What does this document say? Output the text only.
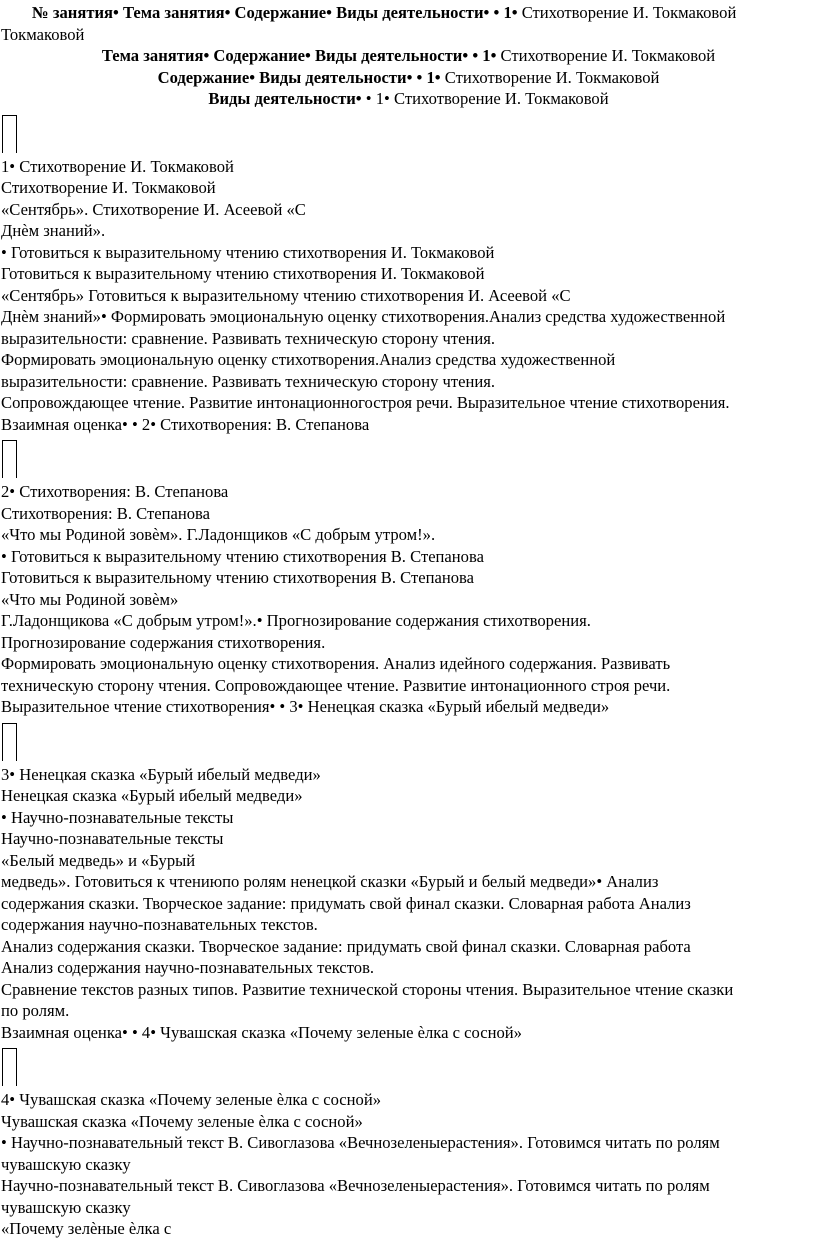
№ занятия• Тема занятия• Содержание• Виды деятельности• • 1• Стихотворение И. Токмаковой
Токмаковой
Тема занятия• Содержание• Виды деятельности• • 1• Стихотворение И. Токмаковой
Содержание• Виды деятельности• • 1• Стихотворение И. Токмаковой
Виды деятельности• • 1• Стихотворение И. Токмаковой
1• Стихотворение И. Токмаковой
Стихотворение И. Токмаковой
«Сентябрь». Стихотворение И. Асеевой «С
Днѐм знаний».
• Готовиться к выразительному чтению стихотворения И. Токмаковой
Готовиться к выразительному чтению стихотворения И. Токмаковой
«Сентябрь» Готовиться к выразительному чтению стихотворения И. Асеевой «С
Днѐм знаний»• Формировать эмоциональную оценку стихотворения.Анализ средства художественной
выразительности: сравнение. Развивать техническую сторону чтения.
Формировать эмоциональную оценку стихотворения.Анализ средства художественной
выразительности: сравнение. Развивать техническую сторону чтения.
Сопровождающее чтение. Развитие интонационногостроя речи. Выразительное чтение стихотворения.
Взаимная оценка• • 2• Стихотворения: В. Степанова
2• Стихотворения: В. Степанова
Стихотворения: В. Степанова
«Что мы Родиной зовѐм». Г.Ладонщиков «С добрым утром!».
• Готовиться к выразительному чтению стихотворения В. Степанова
Готовиться к выразительному чтению стихотворения В. Степанова
«Что мы Родиной зовѐм»
Г.Ладонщикова «С добрым утром!».• Прогнозирование содержания стихотворения.
Прогнозирование содержания стихотворения.
Формировать эмоциональную оценку стихотворения. Анализ идейного содержания. Развивать
техническую сторону чтения. Сопровождающее чтение. Развитие интонационного строя речи.
Выразительное чтение стихотворения• • 3• Ненецкая сказка «Бурый ибелый медведи»
3• Ненецкая сказка «Бурый ибелый медведи»
Ненецкая сказка «Бурый ибелый медведи»
• Научно-познавательные тексты
Научно-познавательные тексты
«Белый медведь» и «Бурый
медведь». Готовиться к чтениюпо ролям ненецкой сказки «Бурый и белый медведи»• Анализ
содержания сказки. Творческое задание: придумать свой финал сказки. Словарная работа Анализ
содержания научно-познавательных текстов.
Анализ содержания сказки. Творческое задание: придумать свой финал сказки. Словарная работа
Анализ содержания научно-познавательных текстов.
Сравнение текстов разных типов. Развитие технической стороны чтения. Выразительное чтение сказки
по ролям.
Взаимная оценка• • 4• Чувашская сказка «Почему зеленые ѐлка с сосной»
4• Чувашская сказка «Почему зеленые ѐлка с сосной»
Чувашская сказка «Почему зеленые ѐлка с сосной»
• Научно-познавательный текст В. Сивоглазова «Вечнозеленыерастения». Готовимся читать по ролям
чувашскую сказку
Научно-познавательный текст В. Сивоглазова «Вечнозеленыерастения». Готовимся читать по ролям
чувашскую сказку
«Почему зелѐные ѐлка с
